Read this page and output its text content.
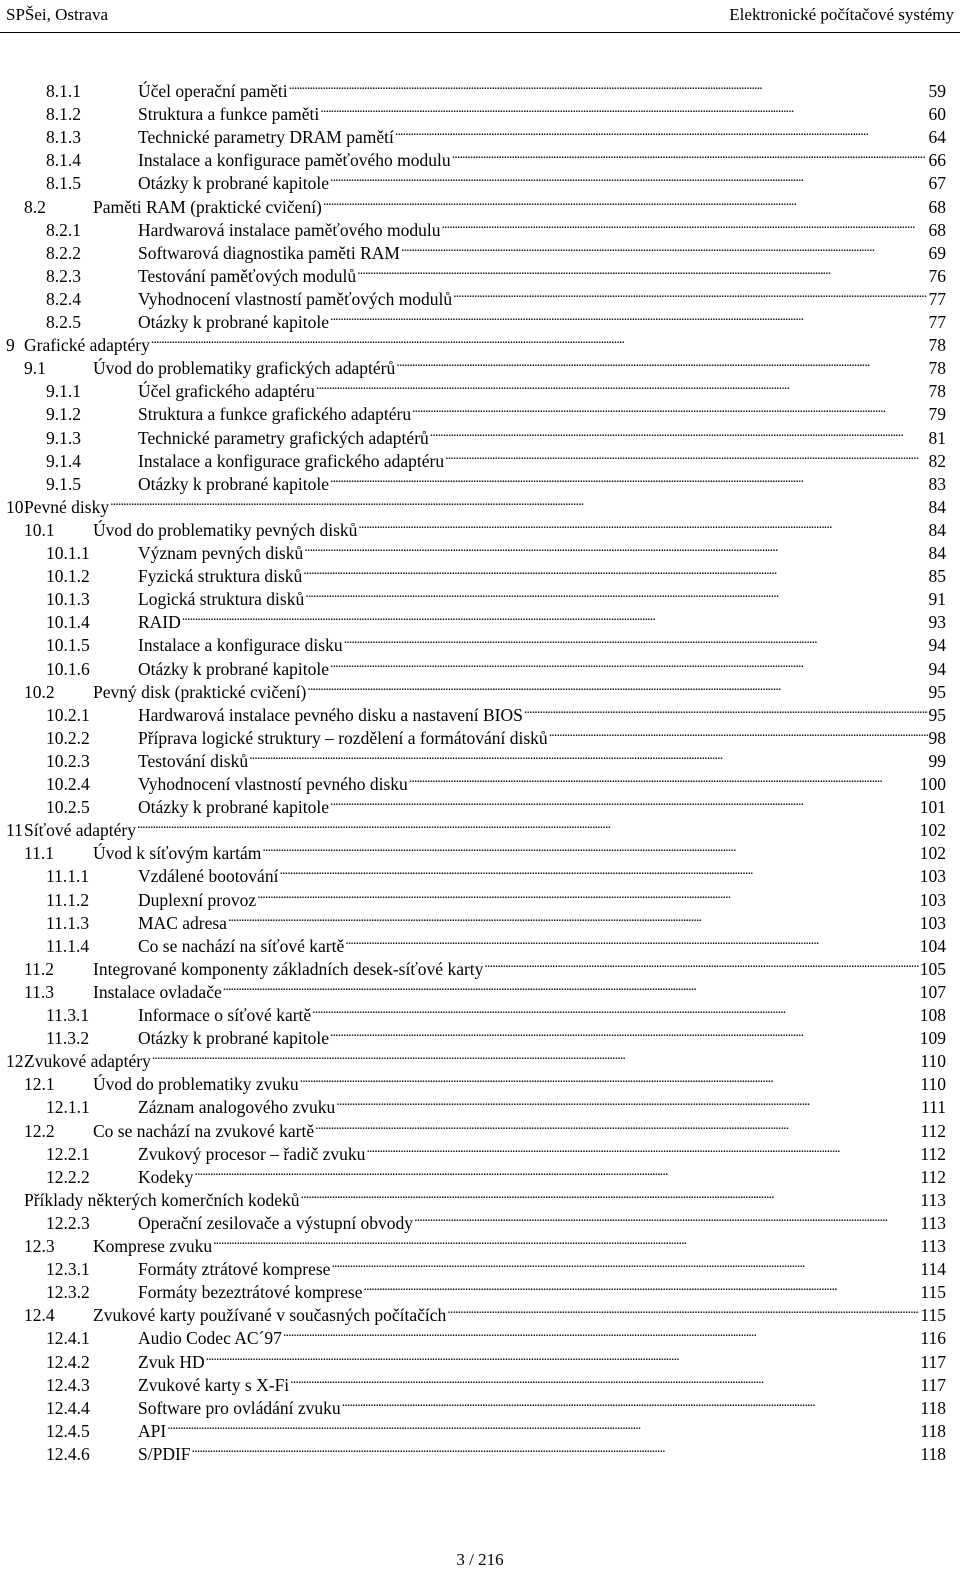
SPŠei, Ostrava	Elektronické počítačové systémy
8.1.1	Účel operační paměti . . .	59
8.1.2	Struktura a funkce paměti . . .	60
8.1.3	Technické parametry DRAM pamětí . . .	64
8.1.4	Instalace a konfigurace paměťového modulu . . .	66
8.1.5	Otázky k probrané kapitole . . .	67
8.2	Paměti RAM (praktické cvičení) . . .	68
8.2.1	Hardwarová instalace paměťového modulu . . .	68
8.2.2	Softwarová diagnostika paměti RAM . . .	69
8.2.3	Testování paměťových modulů . . .	76
8.2.4	Vyhodnocení vlastností paměťových modulů . . .	77
8.2.5	Otázky k probrané kapitole . . .	77
9 Grafické adaptéry . . .	78
9.1	Úvod do problematiky grafických adaptérů . . .	78
9.1.1	Účel grafického adaptéru . . .	78
9.1.2	Struktura a funkce grafického adaptéru . . .	79
9.1.3	Technické parametry grafických adaptérů . . .	81
9.1.4	Instalace a konfigurace grafického adaptéru . . .	82
9.1.5	Otázky k probrané kapitole . . .	83
10 Pevné disky . . .	84
10.1	Úvod do problematiky pevných disků . . .	84
10.1.1	Význam pevných disků . . .	84
10.1.2	Fyzická struktura disků . . .	85
10.1.3	Logická struktura disků . . .	91
10.1.4	RAID . . .	93
10.1.5	Instalace a konfigurace disku . . .	94
10.1.6	Otázky k probrané kapitole . . .	94
10.2	Pevný disk (praktické cvičení) . . .	95
10.2.1	Hardwarová instalace pevného disku a nastavení BIOS . . .	95
10.2.2	Příprava logické struktury – rozdělení a formátování disků . . .	98
10.2.3	Testování disků . . .	99
10.2.4	Vyhodnocení vlastností pevného disku . . .	100
10.2.5	Otázky k probrané kapitole . . .	101
11 Síťové adaptéry . . .	102
11.1	Úvod k síťovým kartám . . .	102
11.1.1	Vzdálené bootování . . .	103
11.1.2	Duplexní provoz . . .	103
11.1.3	MAC adresa . . .	103
11.1.4	Co se nachází na síťové kartě . . .	104
11.2	Integrované komponenty základních desek-síťové karty . . .	105
11.3	Instalace ovladače . . .	107
11.3.1	Informace o síťové kartě . . .	108
11.3.2	Otázky k probrané kapitole . . .	109
12 Zvukové adaptéry . . .	110
12.1	Úvod do problematiky zvuku . . .	110
12.1.1	Záznam analogového zvuku . . .	111
12.2	Co se nachází na zvukové kartě . . .	112
12.2.1	Zvukový procesor – řadič zvuku . . .	112
12.2.2	Kodeky . . .	112
Příklady některých komerčních kodeků . . .	113
12.2.3	Operační zesilovače a výstupní obvody . . .	113
12.3	Komprese zvuku . . .	113
12.3.1	Formáty ztrátové komprese . . .	114
12.3.2	Formáty bezeztrátové komprese . . .	115
12.4	Zvukové karty používané v současných počítačích . . .	115
12.4.1	Audio Codec AC´97 . . .	116
12.4.2	Zvuk HD . . .	117
12.4.3	Zvukové karty s X-Fi . . .	117
12.4.4	Software pro ovládání zvuku . . .	118
12.4.5	API . . .	118
12.4.6	S/PDIF . . .	118
3 / 216
